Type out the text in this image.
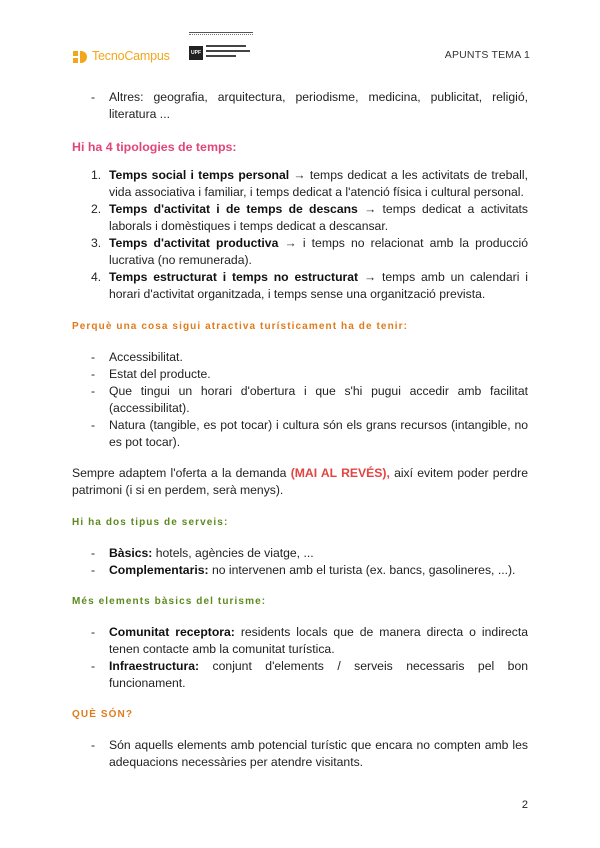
TecnoCampus	UPF	APUNTS TEMA 1
- Altres: geografia, arquitectura, periodisme, medicina, publicitat, religió, literatura ...
Hi ha 4 tipologies de temps:
1. Temps social i temps personal → temps dedicat a les activitats de treball, vida associativa i familiar, i temps dedicat a l'atenció física i cultural personal.
2. Temps d'activitat i de temps de descans → temps dedicat a activitats laborals i domèstiques i temps dedicat a descansar.
3. Temps d'activitat productiva → i temps no relacionat amb la producció lucrativa (no remunerada).
4. Temps estructurat i temps no estructurat → temps amb un calendari i horari d'activitat organitzada, i temps sense una organització prevista.
Perquè una cosa sigui atractiva turísticament ha de tenir:
- Accessibilitat.
- Estat del producte.
- Que tingui un horari d'obertura i que s'hi pugui accedir amb facilitat (accessibilitat).
- Natura (tangible, es pot tocar) i cultura són els grans recursos (intangible, no es pot tocar).

Sempre adaptem l'oferta a la demanda (MAI AL REVÉS), així evitem poder perdre patrimoni (i si en perdem, serà menys).

Hi ha dos tipus de serveis:
- Bàsics: hotels, agències de viatge, ...
- Complementaris: no intervenen amb el turista (ex. bancs, gasolineres, ...).
Més elements bàsics del turisme:
- Comunitat receptora: residents locals que de manera directa o indirecta tenen contacte amb la comunitat turística.
- Infraestructura: conjunt d'elements / serveis necessaris pel bon funcionament.
QUÈ SÓN?
- Són aquells elements amb potencial turístic que encara no compten amb les adequacions necessàries per atendre visitants.
2
